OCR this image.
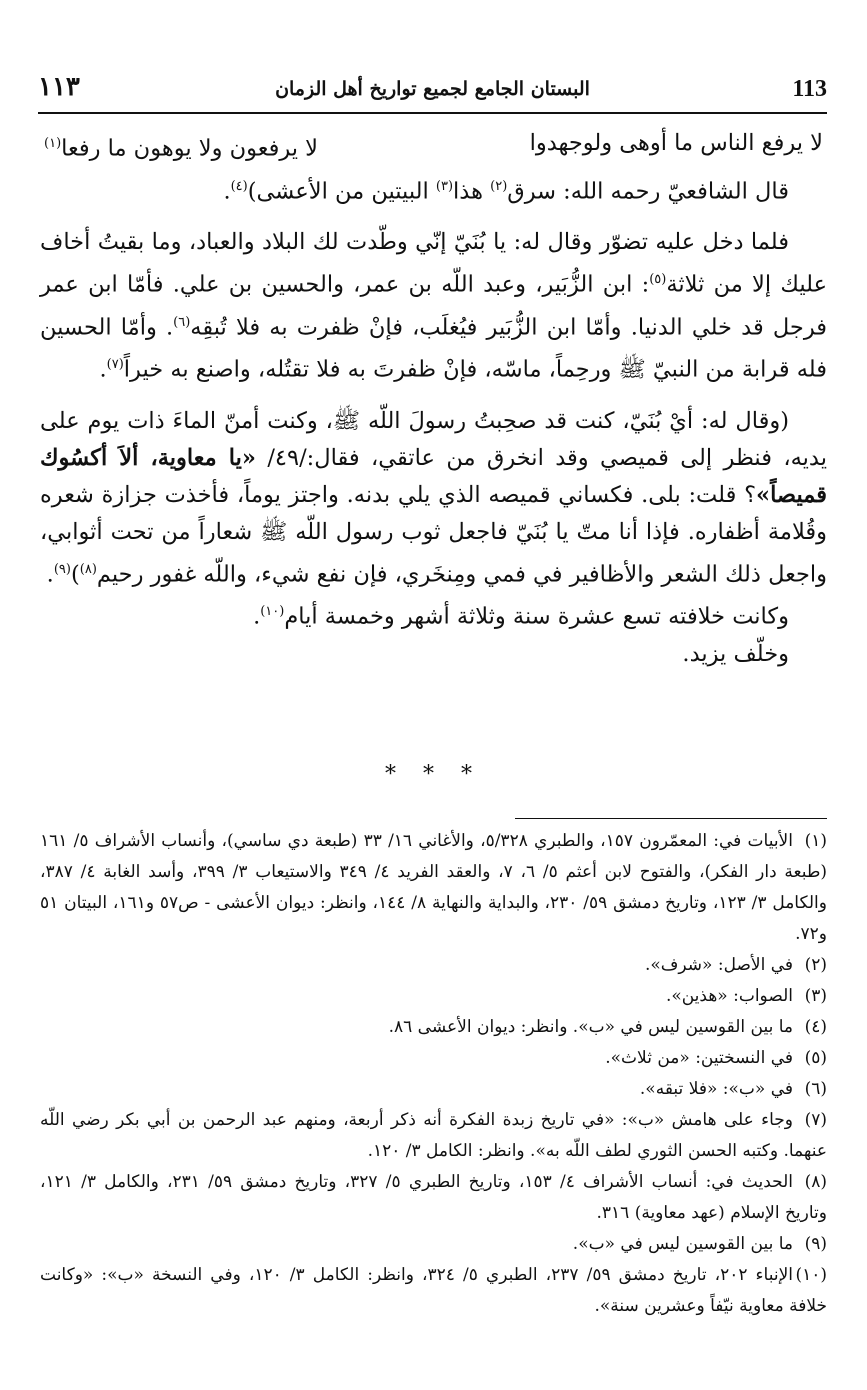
١١٣	البستان الجامع لجميع تواريخ أهل الزمان	113
لا يرفع الناس ما أوهى ولوجهدوا
لا يرفعون ولا يوهون ما رفعا$^{(١)}$

قال الشافعيّ رحمه الله: سرق$^{(٢)}$ هذا$^{(٣)}$ البيتين من الأعشى)$^{(٤)}$.

فلما دخل عليه تضوّر وقال له: يا بُنَيّ إنّي وطّدت لك البلاد والعباد، وما بقيتُ أخاف عليك إلا من ثلاثة$^{(٥)}$: ابن الزُّبَير، وعبد اللّه بن عمر، والحسين بن علي. فأمّا ابن عمر فرجل قد خلي الدنيا. وأمّا ابن الزُّبَير فيُغلَب، فإنْ ظفرت به فلا تُبقِه$^{(٦)}$. وأمّا الحسين فله قرابة من النبيّ ﷺ ورحِماً، ماسّه، فإنْ ظفرتَ به فلا تقتُله، واصنع به خيراً$^{(٧)}$.

(وقال له: أيْ بُنَيّ، كنت قد صحِبتُ رسولَ اللّه ﷺ، وكنت أمنّ الماءَ ذات يوم على يديه، فنظر إلى قميصي وقد انخرق من عاتقي، فقال:/٤٩/ «يا معاوية، ألاَ أكسُوك قميصاً»؟ قلت: بلى. فكساني قميصه الذي يلي بدنه. واجتز يوماً، فأخذت جزازة شعره وقُلامة أظفاره. فإذا أنا متّ يا بُنَيّ فاجعل ثوب رسول اللّه ﷺ شعاراً من تحت أثوابي، واجعل ذلك الشعر والأظافير في فمي ومِنخَري، فإن نفع شيء، واللّه غفور رحيم$^{(٨)}$)$^{(٩)}$.

وكانت خلافته تسع عشرة سنة وثلاثة أشهر وخمسة أيام$^{(١٠)}$.

وخلّف يزيد.

* * *

(١)الأبيات في: المعمّرون ١٥٧، والطبري ٥/٣٢٨، والأغاني ١٦/ ٣٣ (طبعة دي ساسي)، وأنساب الأشراف ٥/ ١٦١ (طبعة دار الفكر)، والفتوح لابن أعثم ٥/ ٦، ٧، والعقد الفريد ٤/ ٣٤٩ والاستيعاب ٣/ ٣٩٩، وأسد الغابة ٤/ ٣٨٧، والكامل ٣/ ١٢٣، وتاريخ دمشق ٥٩/ ٢٣٠، والبداية والنهاية ٨/ ١٤٤، وانظر: ديوان الأعشى - ص٥٧ و١٦١، البيتان ٥١ و٧٢.

(٢)في الأصل: «شرف».

(٣)الصواب: «هذين».

(٤)ما بين القوسين ليس في «ب». وانظر: ديوان الأعشى ٨٦.

(٥)في النسختين: «من ثلاث».

(٦)في «ب»: «فلا تبقه».

(٧)وجاء على هامش «ب»: «في تاريخ زبدة الفكرة أنه ذكر أربعة، ومنهم عبد الرحمن بن أبي بكر رضي اللّه عنهما. وكتبه الحسن الثوري لطف اللّه به». وانظر: الكامل ٣/ ١٢٠.

(٨)الحديث في: أنساب الأشراف ٤/ ١٥٣، وتاريخ الطبري ٥/ ٣٢٧، وتاريخ دمشق ٥٩/ ٢٣١، والكامل ٣/ ١٢١، وتاريخ الإسلام (عهد معاوية) ٣١٦.

(٩)ما بين القوسين ليس في «ب».

(١٠)الإنباء ٢٠٢، تاريخ دمشق ٥٩/ ٢٣٧، الطبري ٥/ ٣٢٤، وانظر: الكامل ٣/ ١٢٠، وفي النسخة «ب»: «وكانت خلافة معاوية نيّفاً وعشرين سنة».
